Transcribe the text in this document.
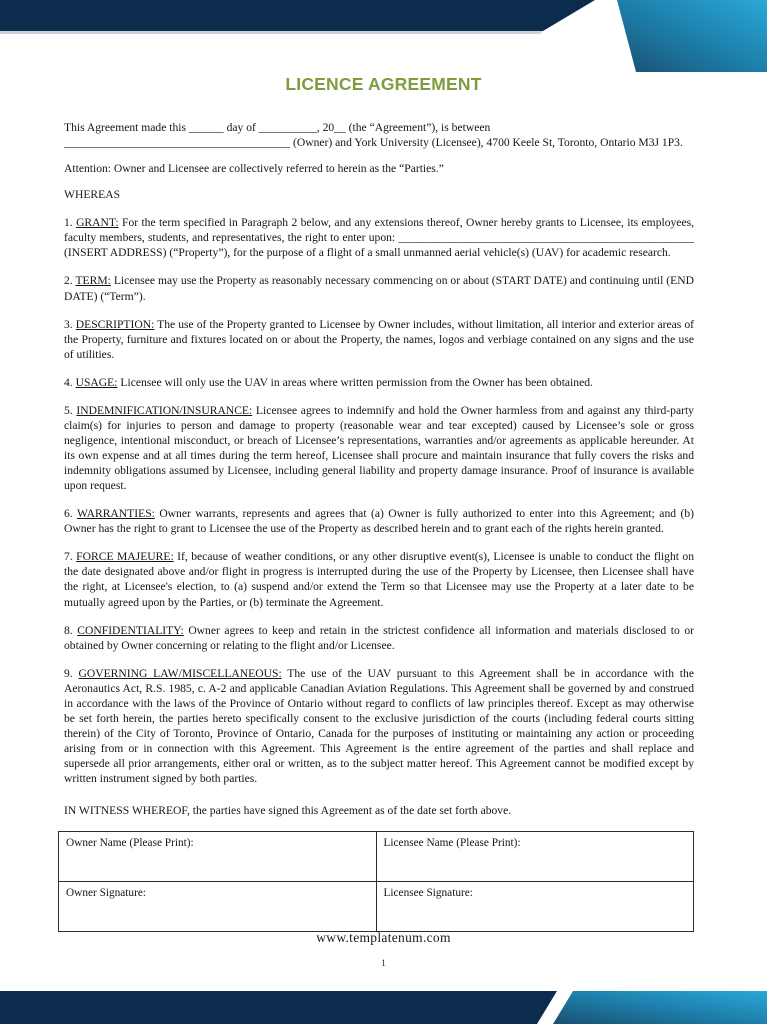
LICENCE AGREEMENT

This Agreement made this ______ day of __________, 20__ (the “Agreement”), is between
_______________________________________ (Owner) and York University (Licensee), 4700 Keele St, Toronto, Ontario M3J 1P3.

Attention: Owner and Licensee are collectively referred to herein as the “Parties.”

WHEREAS

1. GRANT: For the term specified in Paragraph 2 below, and any extensions thereof, Owner hereby grants to Licensee, its employees, faculty members, students, and representatives, the right to enter upon: ___________________________________________________ (INSERT ADDRESS) (“Property”), for the purpose of a flight of a small unmanned aerial vehicle(s) (UAV) for academic research.

2. TERM: Licensee may use the Property as reasonably necessary commencing on or about (START DATE) and continuing until (END DATE) (“Term”).

3. DESCRIPTION: The use of the Property granted to Licensee by Owner includes, without limitation, all interior and exterior areas of the Property, furniture and fixtures located on or about the Property, the names, logos and verbiage contained on any signs and the use of utilities.

4. USAGE: Licensee will only use the UAV in areas where written permission from the Owner has been obtained.

5. INDEMNIFICATION/INSURANCE: Licensee agrees to indemnify and hold the Owner harmless from and against any third-party claim(s) for injuries to person and damage to property (reasonable wear and tear excepted) caused by Licensee’s sole or gross negligence, intentional misconduct, or breach of Licensee’s representations, warranties and/or agreements as applicable hereunder. At its own expense and at all times during the term hereof, Licensee shall procure and maintain insurance that fully covers the risks and indemnity obligations assumed by Licensee, including general liability and property damage insurance. Proof of insurance is available upon request.

6. WARRANTIES: Owner warrants, represents and agrees that (a) Owner is fully authorized to enter into this Agreement; and (b) Owner has the right to grant to Licensee the use of the Property as described herein and to grant each of the rights herein granted.

7. FORCE MAJEURE: If, because of weather conditions, or any other disruptive event(s), Licensee is unable to conduct the flight on the date designated above and/or flight in progress is interrupted during the use of the Property by Licensee, then Licensee shall have the right, at Licensee's election, to (a) suspend and/or extend the Term so that Licensee may use the Property at a later date to be mutually agreed upon by the Parties, or (b) terminate the Agreement.

8. CONFIDENTIALITY: Owner agrees to keep and retain in the strictest confidence all information and materials disclosed to or obtained by Owner concerning or relating to the flight and/or Licensee.

9. GOVERNING LAW/MISCELLANEOUS: The use of the UAV pursuant to this Agreement shall be in accordance with the Aeronautics Act, R.S. 1985, c. A-2 and applicable Canadian Aviation Regulations. This Agreement shall be governed by and construed in accordance with the laws of the Province of Ontario without regard to conflicts of law principles thereof. Except as may otherwise be set forth herein, the parties hereto specifically consent to the exclusive jurisdiction of the courts (including federal courts sitting therein) of the City of Toronto, Province of Ontario, Canada for the purposes of instituting or maintaining any action or proceeding arising from or in connection with this Agreement. This Agreement is the entire agreement of the parties and shall replace and supersede all prior arrangements, either oral or written, as to the subject matter hereof. This Agreement cannot be modified except by written instrument signed by both parties.

IN WITNESS WHEREOF, the parties have signed this Agreement as of the date set forth above.

Owner Name (Please Print):	Licensee Name (Please Print):
Owner Signature:	Licensee Signature:
www.templatenum.com
1
